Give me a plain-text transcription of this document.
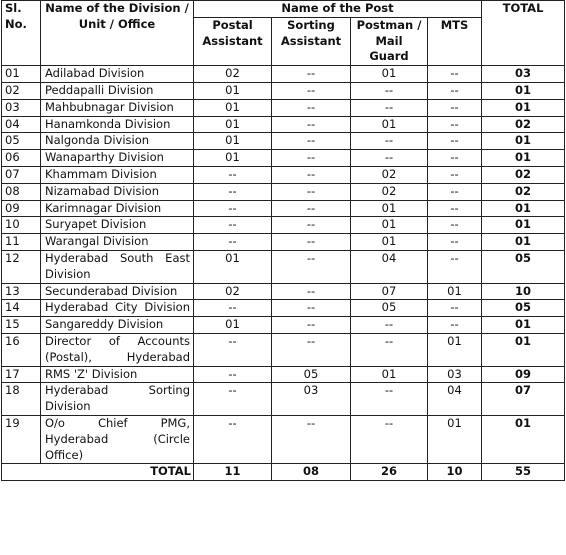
Sl. No.	Name of the Division / Unit / Office	Name of the Post				TOTAL
		Postal Assistant	Sorting Assistant	Postman / Mail Guard	MTS	
01	Adilabad Division	02	--	01	--	03
02	Peddapalli Division	01	--	--	--	01
03	Mahbubnagar Division	01	--	--	--	01
04	Hanamkonda Division	01	--	01	--	02
05	Nalgonda Division	01	--	--	--	01
06	Wanaparthy Division	01	--	--	--	01
07	Khammam Division	--	--	02	--	02
08	Nizamabad Division	--	--	02	--	02
09	Karimnagar Division	--	--	01	--	01
10	Suryapet Division	--	--	01	--	01
11	Warangal Division	--	--	01	--	01
12	Hyderabad South East Division	01	--	04	--	05
13	Secunderabad Division	02	--	07	01	10
14	Hyderabad City Division	--	--	05	--	05
15	Sangareddy Division	01	--	--	--	01
16	Director of Accounts (Postal), Hyderabad	--	--	--	01	01
17	RMS 'Z' Division	--	05	01	03	09
18	Hyderabad Sorting Division	--	03	--	04	07
19	O/o Chief PMG, Hyderabad (Circle Office)	--	--	--	01	01
TOTAL		11	08	26	10	55
